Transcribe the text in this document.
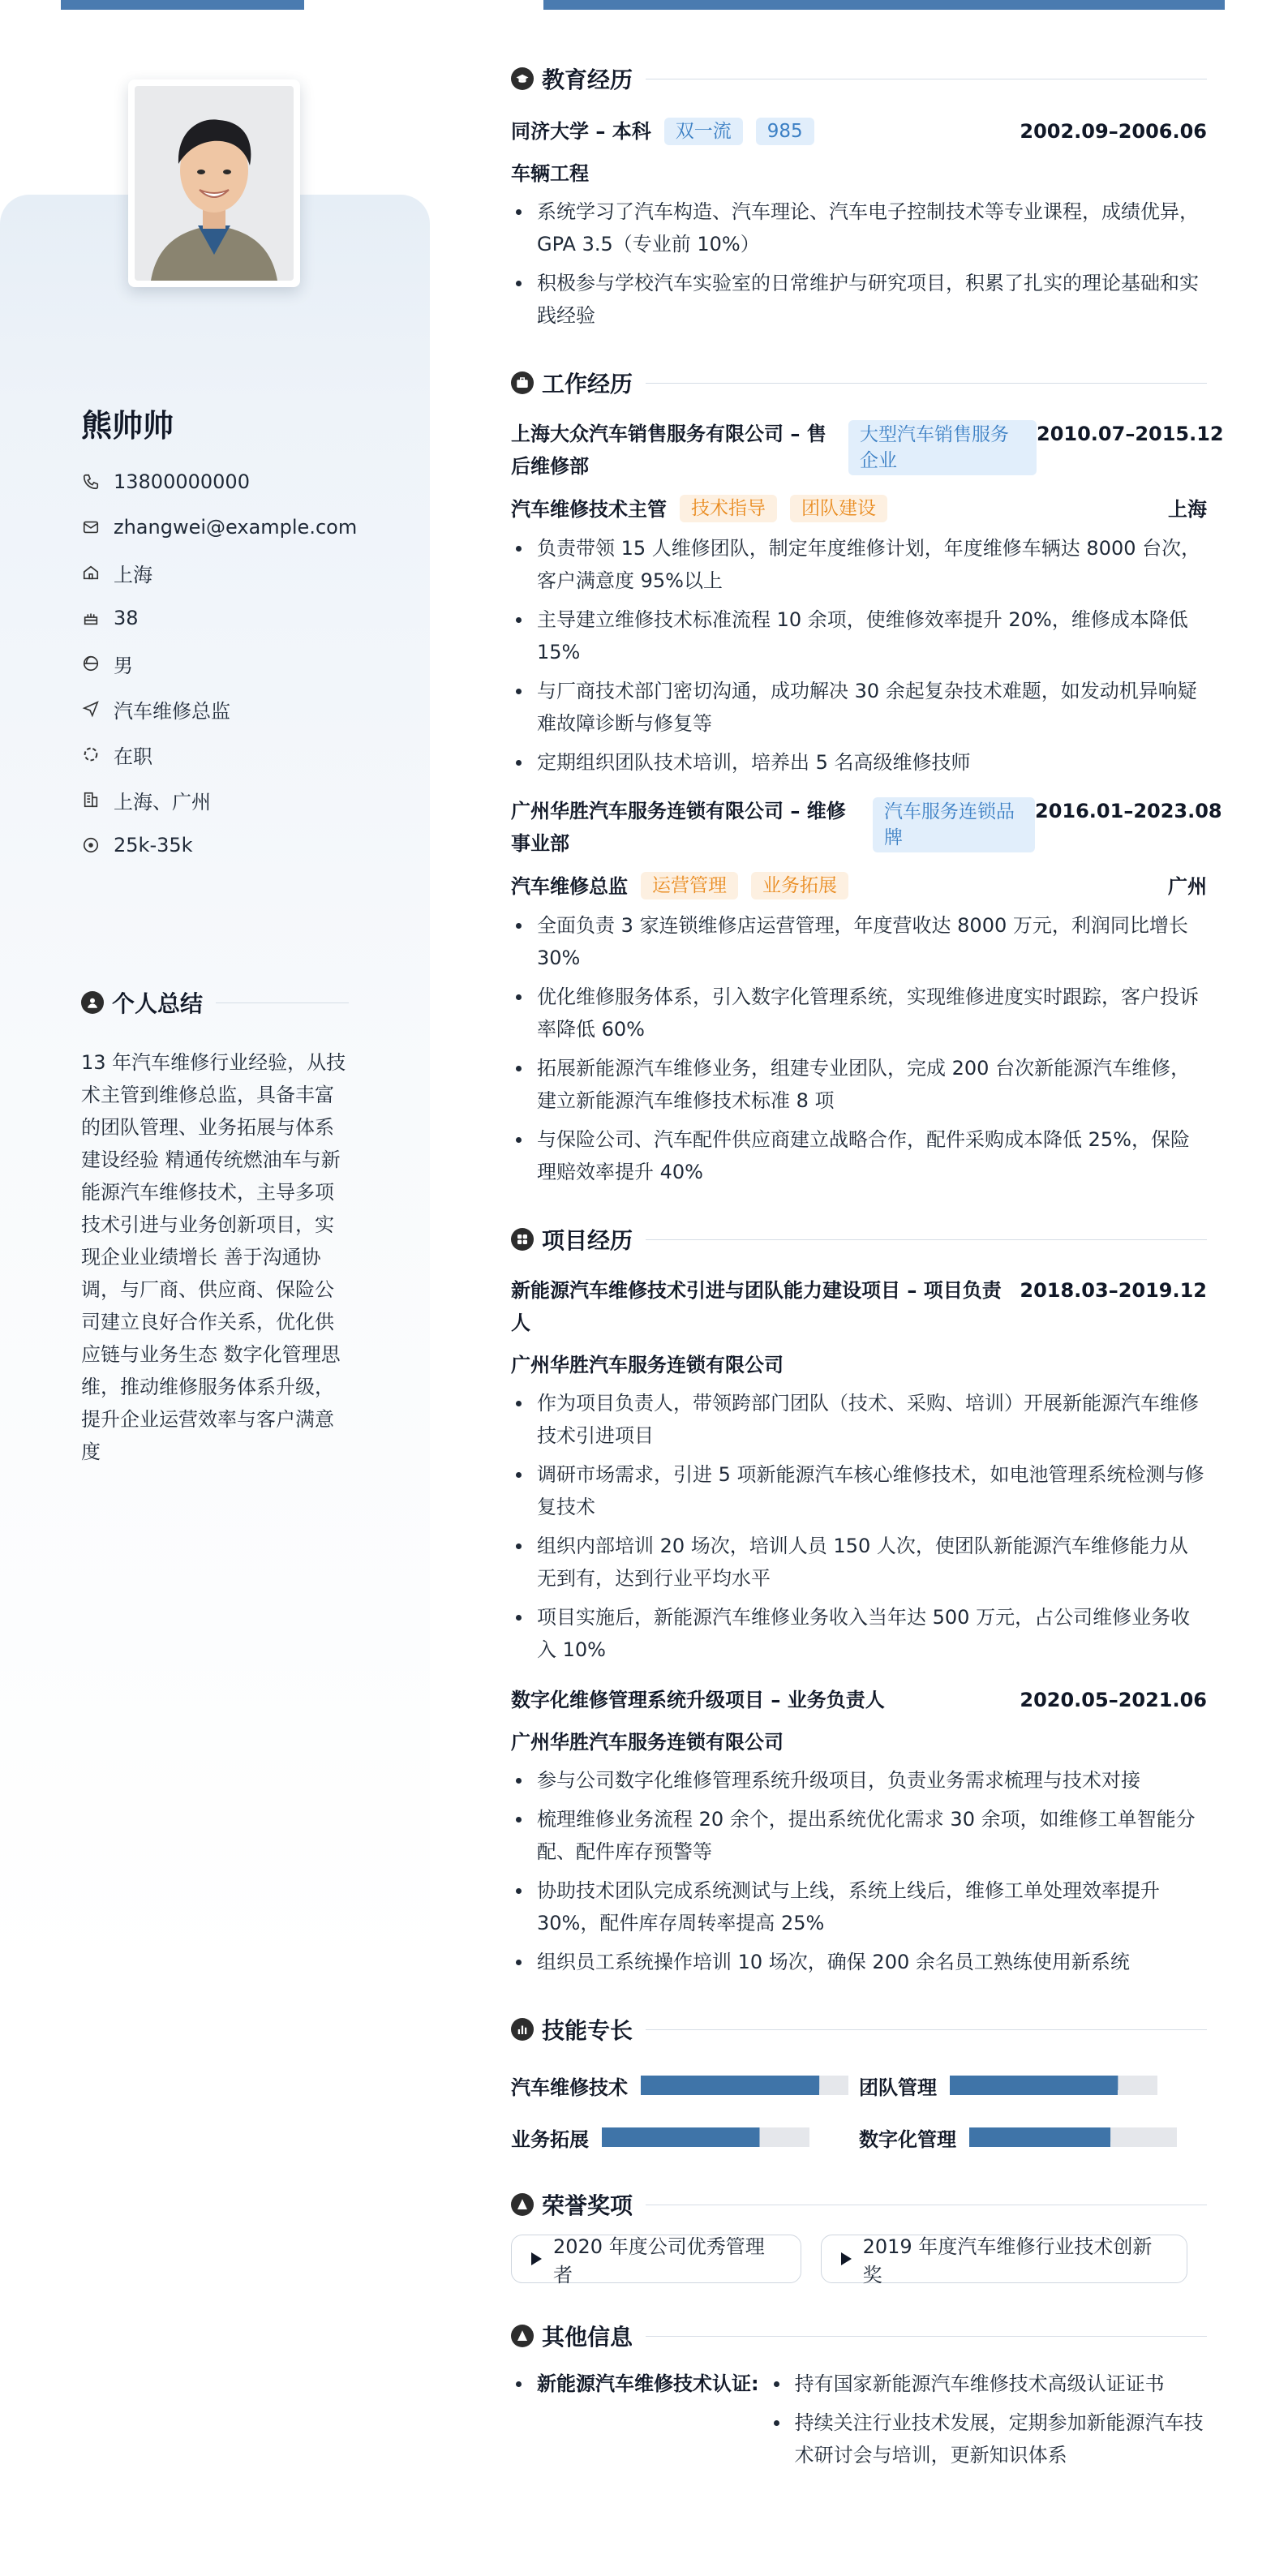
熊帅帅
13800000000
zhangwei@example.com
上海
38
男
汽车维修总监
在职
上海、广州
25k-35k
个人总结
13 年汽车维修行业经验，从技术主管到维修总监，具备丰富的团队管理、业务拓展与体系建设经验 精通传统燃油车与新能源汽车维修技术，主导多项技术引进与业务创新项目，实现企业业绩增长 善于沟通协调，与厂商、供应商、保险公司建立良好合作关系，优化供应链与业务生态 数字化管理思维，推动维修服务体系升级，提升企业运营效率与客户满意度
教育经历
同济大学 – 本科	双一流	985	2002.09–2006.06
车辆工程
系统学习了汽车构造、汽车理论、汽车电子控制技术等专业课程，成绩优异，GPA 3.5（专业前 10%）
积极参与学校汽车实验室的日常维护与研究项目，积累了扎实的理论基础和实践经验
工作经历
上海大众汽车销售服务有限公司 – 售后维修部
大型汽车销售服务企业
2010.07–2015.12
汽车维修技术主管	技术指导	团队建设	上海
负责带领 15 人维修团队，制定年度维修计划，年度维修车辆达 8000 台次，客户满意度 95%以上
主导建立维修技术标准流程 10 余项，使维修效率提升 20%，维修成本降低 15%
与厂商技术部门密切沟通，成功解决 30 余起复杂技术难题，如发动机异响疑难故障诊断与修复等
定期组织团队技术培训，培养出 5 名高级维修技师
广州华胜汽车服务连锁有限公司 – 维修事业部
汽车服务连锁品牌
2016.01–2023.08
汽车维修总监	运营管理	业务拓展	广州
全面负责 3 家连锁维修店运营管理，年度营收达 8000 万元，利润同比增长 30%
优化维修服务体系，引入数字化管理系统，实现维修进度实时跟踪，客户投诉率降低 60%
拓展新能源汽车维修业务，组建专业团队，完成 200 台次新能源汽车维修，建立新能源汽车维修技术标准 8 项
与保险公司、汽车配件供应商建立战略合作，配件采购成本降低 25%，保险理赔效率提升 40%
项目经历
新能源汽车维修技术引进与团队能力建设项目 – 项目负责人
2018.03–2019.12
广州华胜汽车服务连锁有限公司
作为项目负责人，带领跨部门团队（技术、采购、培训）开展新能源汽车维修技术引进项目
调研市场需求，引进 5 项新能源汽车核心维修技术，如电池管理系统检测与修复技术
组织内部培训 20 场次，培训人员 150 人次，使团队新能源汽车维修能力从无到有，达到行业平均水平
项目实施后，新能源汽车维修业务收入当年达 500 万元，占公司维修业务收入 10%
数字化维修管理系统升级项目 – 业务负责人	2020.05–2021.06
广州华胜汽车服务连锁有限公司
参与公司数字化维修管理系统升级项目，负责业务需求梳理与技术对接
梳理维修业务流程 20 余个，提出系统优化需求 30 余项，如维修工单智能分配、配件库存预警等
协助技术团队完成系统测试与上线，系统上线后，维修工单处理效率提升 30%，配件库存周转率提高 25%
组织员工系统操作培训 10 场次，确保 200 余名员工熟练使用新系统
技能专长
汽车维修技术	团队管理
业务拓展	数字化管理
荣誉奖项
2020 年度公司优秀管理者
2019 年度汽车维修行业技术创新奖
其他信息
新能源汽车维修技术认证:	持有国家新能源汽车维修技术高级认证证书
持续关注行业技术发展，定期参加新能源汽车技术研讨会与培训，更新知识体系
